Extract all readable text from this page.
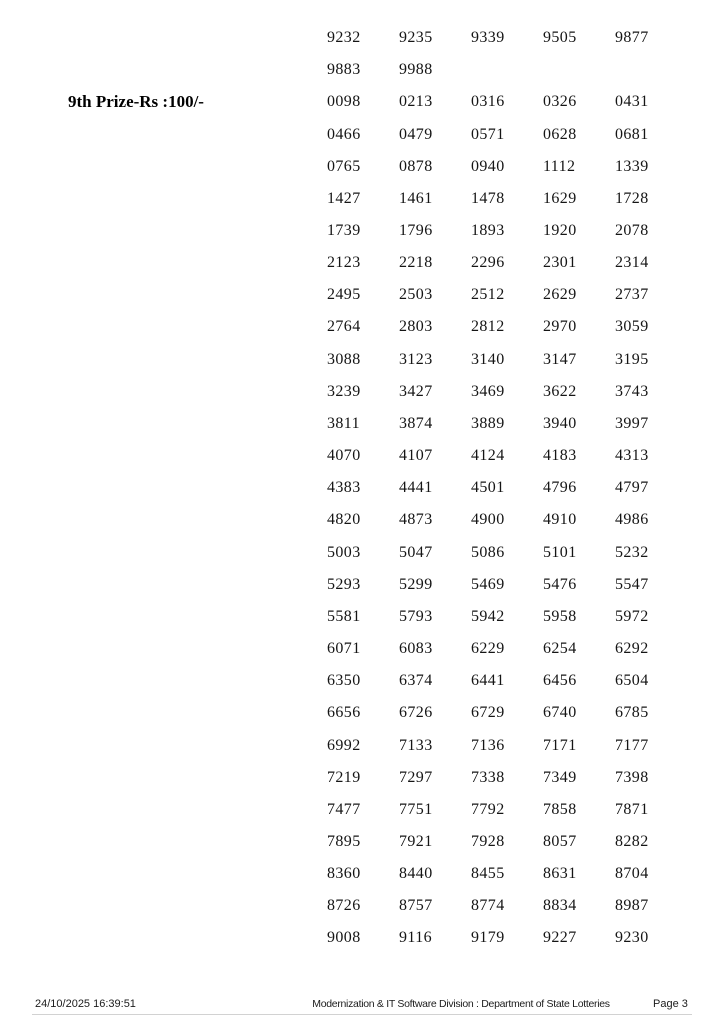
9th Prize-Rs :100/-
9232	9235	9339	9505	9877
9883	9988
0098	0213	0316	0326	0431
0466	0479	0571	0628	0681
0765	0878	0940	1112	1339
1427	1461	1478	1629	1728
1739	1796	1893	1920	2078
2123	2218	2296	2301	2314
2495	2503	2512	2629	2737
2764	2803	2812	2970	3059
3088	3123	3140	3147	3195
3239	3427	3469	3622	3743
3811	3874	3889	3940	3997
4070	4107	4124	4183	4313
4383	4441	4501	4796	4797
4820	4873	4900	4910	4986
5003	5047	5086	5101	5232
5293	5299	5469	5476	5547
5581	5793	5942	5958	5972
6071	6083	6229	6254	6292
6350	6374	6441	6456	6504
6656	6726	6729	6740	6785
6992	7133	7136	7171	7177
7219	7297	7338	7349	7398
7477	7751	7792	7858	7871
7895	7921	7928	8057	8282
8360	8440	8455	8631	8704
8726	8757	8774	8834	8987
9008	9116	9179	9227	9230
24/10/2025 16:39:51	Modernization & IT Software Division : Department of State Lotteries	Page 3
